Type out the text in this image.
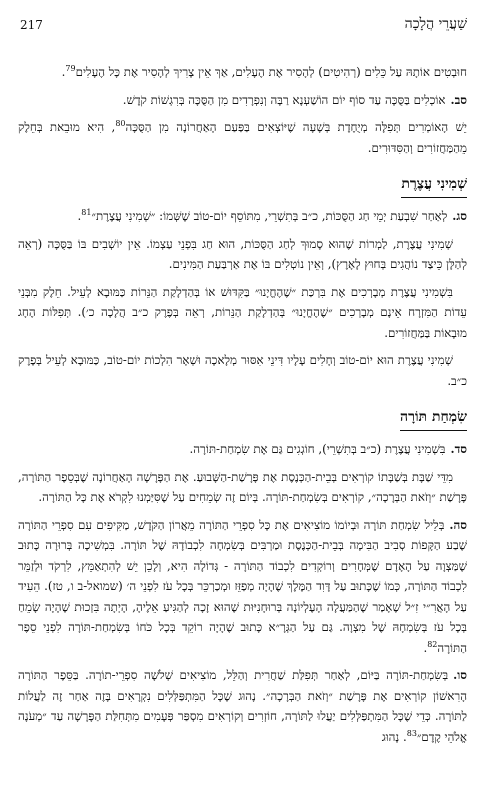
שַׁעֲרֵי הֲלָכָה
217

חוּבְטִים אוֹתָהּ עַל כֵּלִים (רְהִיטִים) לְהָסִיר אֶת הֶעָלִים, אַךְ אֵין צָרִיךְ לְהָסִיר אֶת כָּל הֶעָלִים$^{79}$.

סב.אוֹכְלִים בַּסֻּכָּה עַד סוֹף יוֹם הוֹשַׁעְנָא רַבָּה וְנִפְרָדִים מִן הַסֻּכָּה בְּרִגְשׁוֹת קֹדֶשׁ.

יֵשׁ הָאוֹמְרִים תְּפִלָּה מְיֻחֶדֶת בְּשָׁעָה שֶׁיּוֹצְאִים בַּפַּעַם הָאַחֲרוֹנָה מִן הַסֻּכָּה$^{80}$, הִיא מוּבֵאת בְּחֵלֶק מֵהַמַּחֲזוֹרִים וְהַסִּדּוּרִים.

שְׁמִינִי עֲצֶרֶת

סג.לְאַחַר שִׁבְעַת יְמֵי חַג הַסֻּכּוֹת, כ״ב בְּתִשְׁרֵי, מִתּוֹסֵף יוֹם-טוֹב שֶׁשְּׁמוֹ: ״שְׁמִינִי עֲצֶרֶת״$^{81}$.

שְׁמִינִי עֲצֶרֶת, לַמְרוֹת שֶׁהוּא סָמוּךְ לְחַג הַסֻּכּוֹת, הוּא חַג בִּפְנֵי עַצְמוֹ. אֵין יוֹשְׁבִים בּוֹ בַּסֻּכָּה (רְאֵה לְהַלָּן כֵּיצַד נוֹהֲגִים בְּחוּץ לָאָרֶץ), וְאֵין נוֹטְלִים בּוֹ אֶת אַרְבַּעַת הַמִּינִים.

בִּשְׁמִינִי עֲצֶרֶת מְבָרְכִים אֶת בִּרְכַּת ״שֶׁהֶחֱיָנוּ״ בַּקִּדּוּשׁ אוֹ בְּהַדְלָקַת הַנֵּרוֹת כַּמּוּבָא לְעֵיל. חֵלֶק מִבְּנֵי עֵדוֹת הַמִּזְרָח אֵינָם מְבָרְכִים ״שֶׁהֶחֱיָנוּ״ בְּהַדְלָקַת הַנֵּרוֹת, רְאֵה בְּפֶרֶק כ״ב הֲלָכָה כ׳). תְּפִלּוֹת הֶחָג מוּבָאוֹת בַּמַּחֲזוֹרִים.

שְׁמִינִי עֲצֶרֶת הוּא יוֹם-טוֹב וְחָלִים עָלָיו דִּינֵי אִסּוּר מְלָאכָה וּשְׁאָר הִלְכוֹת יוֹם-טוֹב, כַּמּוּבָא לְעֵיל בְּפֶרֶק כ״ב.

שִׂמְחַת תּוֹרָה

סד.בִּשְׁמִינִי עֲצֶרֶת (כ״ב בְּתִשְׁרֵי), חוֹגְגִים גַּם אֶת שִׂמְחַת-תּוֹרָה.

מִדֵּי שַׁבָּת בְּשַׁבָּתוֹ קוֹרְאִים בְּבֵית-הַכְּנֶסֶת אֶת פָּרָשַׁת-הַשָּׁבוּעַ. אֶת הַפָּרָשָׁה הָאַחֲרוֹנָה שֶׁבְּסֵפֶר הַתּוֹרָה, פָּרָשַׁת ״וְזֹאת הַבְּרָכָה״, קוֹרְאִים בְּשִׂמְחַת-תּוֹרָה. בְּיוֹם זֶה שְׂמֵחִים עַל שֶׁסִּיַּמְנוּ לִקְרֹא אֶת כָּל הַתּוֹרָה.

סה.בְּלֵיל שִׂמְחַת תּוֹרָה וּבְיוֹמוֹ מוֹצִיאִים אֶת כָּל סִפְרֵי הַתּוֹרָה מֵאֲרוֹן הַקֹּדֶשׁ, מַקִּיפִים עִם סִפְרֵי הַתּוֹרָה שֶׁבַע הַקָּפוֹת סְבִיב הַבִּימָה בְּבֵית-הַכְּנֶסֶת וּמַרְבִּים בְּשִׂמְחָה לִכְבוֹדָהּ שֶׁל תּוֹרָה. בִּמְשִׁיכָה בְּרוּרָה כָּתוּב שֶׁמַּצְוָה עַל הָאָדָם שֶׁמְּחָרִים וְרוֹקְדִים לִכְבוֹד הַתּוֹרָה - גְּדוֹלָה הִיא, וְלָכֵן יֵשׁ לְהִתְאַמֵּץ, לִרְקֹד וּלְזַמֵּר לִכְבוֹד הַתּוֹרָה, כְּמוֹ שֶׁכָּתוּב עַל דָּוִד הַמֶּלֶךְ שֶׁהָיָה מְפַזֵּז וּמְכַרְכֵּר בְּכָל עֹז לִפְנֵי ה׳ (שמואל-ב ו, טז). הֵעִיד עַל הָאֲרִ״י זִ״ל שֶׁאָמַר שֶׁהַמַּעֲלָה הָעֶלְיוֹנָה בְּרוּחָנִיּוּת שֶׁהוּא זָכָה לְהַגִּיעַ אֵלֶיהָ, הָיְתָה בִּזְכוּת שֶׁהָיָה שָׂמֵחַ בְּכָל עֹז בְּשִׂמְחָהּ שֶׁל מִצְוָה. גַּם עַל הַגְּרָ״א כָּתוּב שֶׁהָיָה רוֹקֵד בְּכָל כֹּחוֹ בְּשִׂמְחַת-תּוֹרָה לִפְנֵי סֵפֶר הַתּוֹרָה$^{82}$.

סו.בְּשִׂמְחַת-תּוֹרָה בַּיּוֹם, לְאַחַר תְּפִלַּת שַׁחֲרִית וְהַלֵּל, מוֹצִיאִים שְׁלֹשָׁה סִפְרֵי-תוֹרָה. בַּסֵּפֶר הַתּוֹרָה הָרִאשׁוֹן קוֹרְאִים אֶת פָּרָשַׁת ״וְזֹאת הַבְּרָכָה״. נָהוּג שֶׁכָּל הַמִּתְפַּלְּלִים נִקְרָאִים בָּזֶה אַחַר זֶה לַעֲלוֹת לַתּוֹרָה. כְּדֵי שֶׁכָּל הַמִּתְפַּלְּלִים יַעֲלוּ לַתּוֹרָה, חוֹזְרִים וְקוֹרְאִים מִסְפַּר פְּעָמִים מִתְּחִלַּת הַפָּרָשָׁה עַד ״מְעֹנָה אֱלֹהֵי קֶדֶם״$^{83}$. נָהוּג
